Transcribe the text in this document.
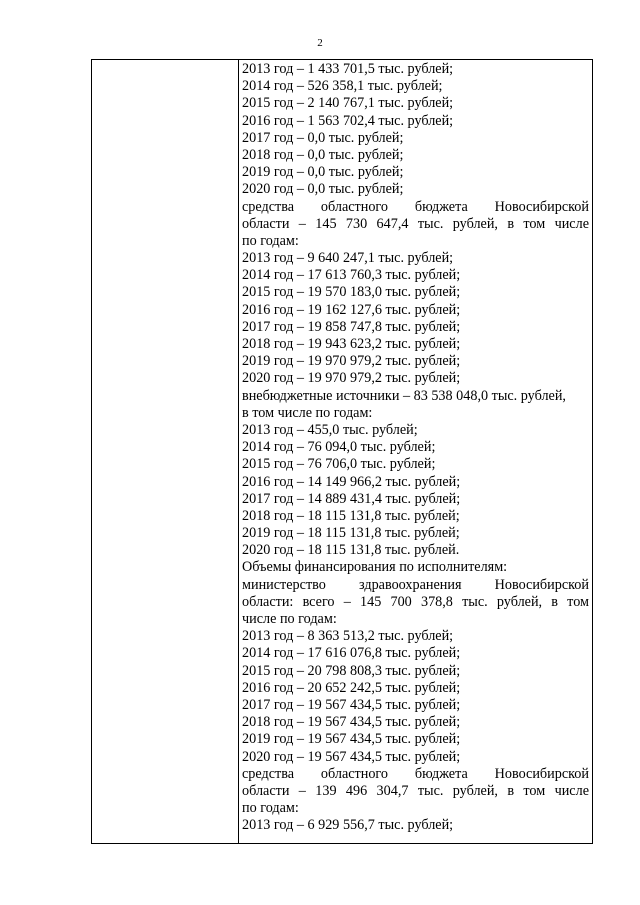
2
2013 год – 1 433 701,5 тыс. рублей;
2014 год – 526 358,1 тыс. рублей;
2015 год – 2 140 767,1 тыс. рублей;
2016 год – 1 563 702,4 тыс. рублей;
2017 год – 0,0 тыс. рублей;
2018 год – 0,0 тыс. рублей;
2019 год – 0,0 тыс. рублей;
2020 год – 0,0 тыс. рублей;
средства областного бюджета Новосибирской
области – 145 730 647,4 тыс. рублей, в том числе
по годам:
2013 год – 9 640 247,1 тыс. рублей;
2014 год – 17 613 760,3 тыс. рублей;
2015 год – 19 570 183,0 тыс. рублей;
2016 год – 19 162 127,6 тыс. рублей;
2017 год – 19 858 747,8 тыс. рублей;
2018 год – 19 943 623,2 тыс. рублей;
2019 год – 19 970 979,2 тыс. рублей;
2020 год – 19 970 979,2 тыс. рублей;
внебюджетные источники – 83 538 048,0 тыс. рублей,
в том числе по годам:
2013 год – 455,0 тыс. рублей;
2014 год – 76 094,0 тыс. рублей;
2015 год – 76 706,0 тыс. рублей;
2016 год – 14 149 966,2 тыс. рублей;
2017 год – 14 889 431,4 тыс. рублей;
2018 год – 18 115 131,8 тыс. рублей;
2019 год – 18 115 131,8 тыс. рублей;
2020 год – 18 115 131,8 тыс. рублей.
Объемы финансирования по исполнителям:
министерство здравоохранения Новосибирской
области: всего – 145 700 378,8 тыс. рублей, в том
числе по годам:
2013 год – 8 363 513,2 тыс. рублей;
2014 год – 17 616 076,8 тыс. рублей;
2015 год – 20 798 808,3 тыс. рублей;
2016 год – 20 652 242,5 тыс. рублей;
2017 год – 19 567 434,5 тыс. рублей;
2018 год – 19 567 434,5 тыс. рублей;
2019 год – 19 567 434,5 тыс. рублей;
2020 год – 19 567 434,5 тыс. рублей;
средства областного бюджета Новосибирской
области – 139 496 304,7 тыс. рублей, в том числе
по годам:
2013 год – 6 929 556,7 тыс. рублей;
